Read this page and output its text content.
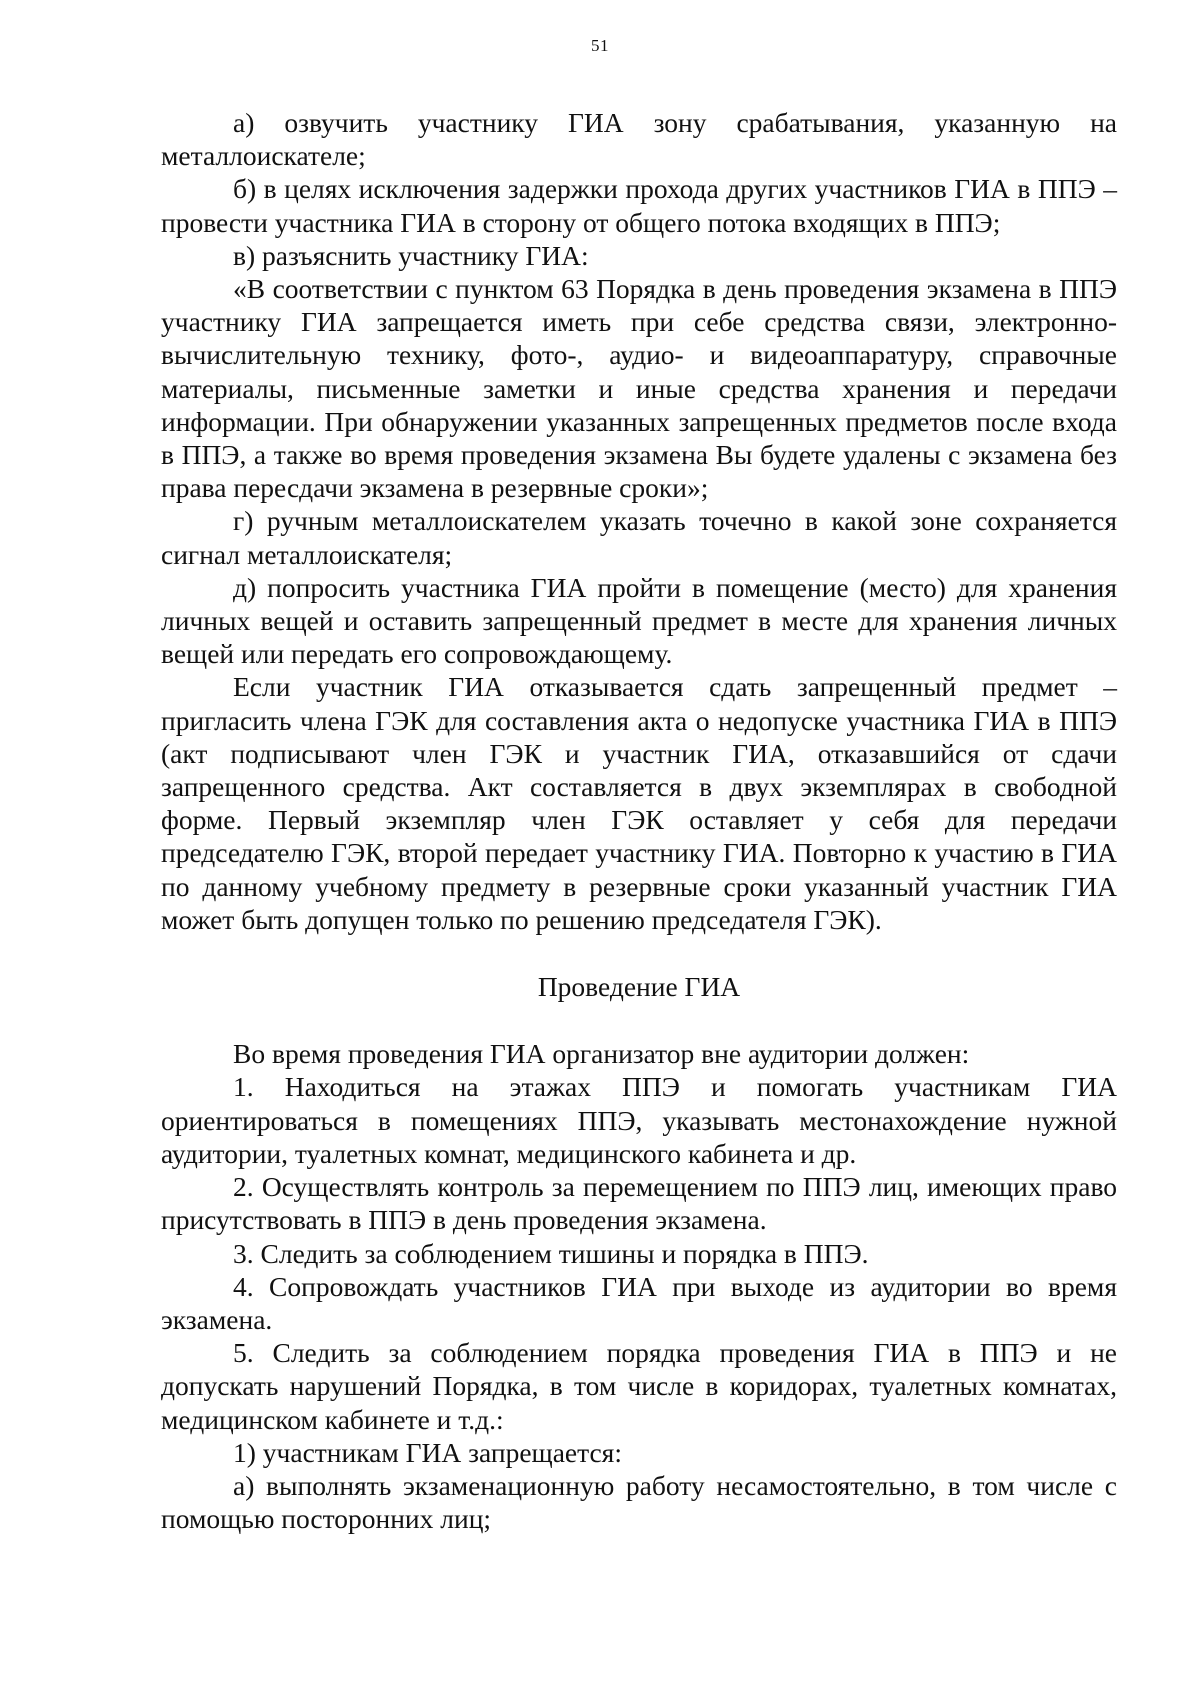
51

а) озвучить участнику ГИА зону срабатывания, указанную на металлоискателе;

б) в целях исключения задержки прохода других участников ГИА в ППЭ – провести участника ГИА в сторону от общего потока входящих в ППЭ;

в) разъяснить участнику ГИА:

«В соответствии с пунктом 63 Порядка в день проведения экзамена в ППЭ участнику ГИА запрещается иметь при себе средства связи, электронно-вычислительную технику, фото-, аудио- и видеоаппаратуру, справочные материалы, письменные заметки и иные средства хранения и передачи информации. При обнаружении указанных запрещенных предметов после входа в ППЭ, а также во время проведения экзамена Вы будете удалены с экзамена без права пересдачи экзамена в резервные сроки»;

г) ручным металлоискателем указать точечно в какой зоне сохраняется сигнал металлоискателя;

д) попросить участника ГИА пройти в помещение (место) для хранения личных вещей и оставить запрещенный предмет в месте для хранения личных вещей или передать его сопровождающему.

Если участник ГИА отказывается сдать запрещенный предмет – пригласить члена ГЭК для составления акта о недопуске участника ГИА в ППЭ (акт подписывают член ГЭК и участник ГИА, отказавшийся от сдачи запрещенного средства. Акт составляется в двух экземплярах в свободной форме. Первый экземпляр член ГЭК оставляет у себя для передачи председателю ГЭК, второй передает участнику ГИА. Повторно к участию в ГИА по данному учебному предмету в резервные сроки указанный участник ГИА может быть допущен только по решению председателя ГЭК).

Проведение ГИА

Во время проведения ГИА организатор вне аудитории должен:

1. Находиться на этажах ППЭ и помогать участникам ГИА ориентироваться в помещениях ППЭ, указывать местонахождение нужной аудитории, туалетных комнат, медицинского кабинета и др.

2. Осуществлять контроль за перемещением по ППЭ лиц, имеющих право присутствовать в ППЭ в день проведения экзамена.

3. Следить за соблюдением тишины и порядка в ППЭ.

4. Сопровождать участников ГИА при выходе из аудитории во время экзамена.

5. Следить за соблюдением порядка проведения ГИА в ППЭ и не допускать нарушений Порядка, в том числе в коридорах, туалетных комнатах, медицинском кабинете и т.д.:

1) участникам ГИА запрещается:

а) выполнять экзаменационную работу несамостоятельно, в том числе с помощью посторонних лиц;
